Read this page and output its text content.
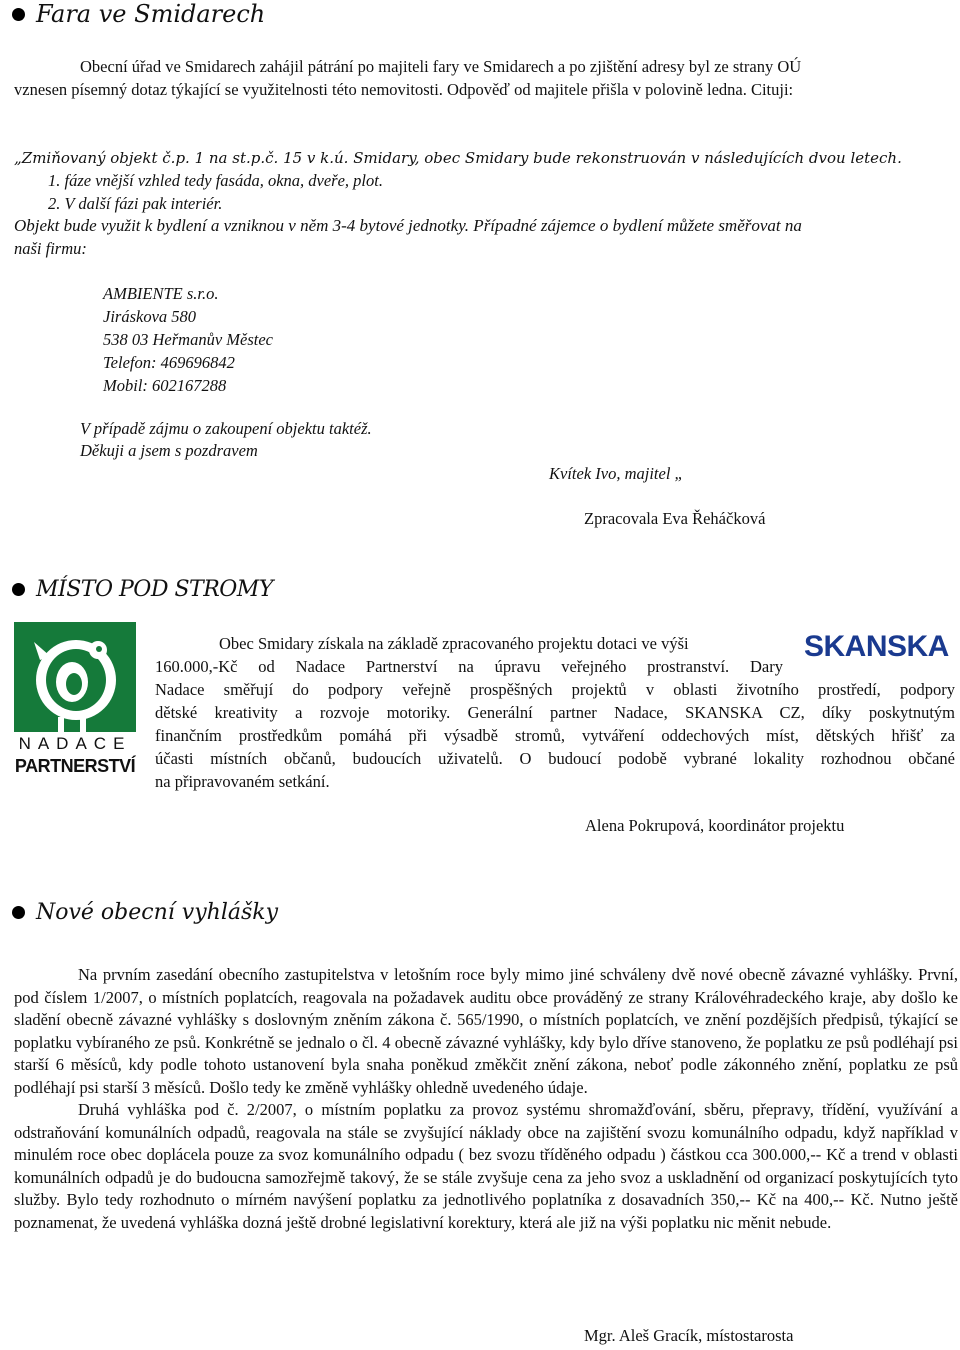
Fara ve Smidarech
Obecní úřad ve Smidarech zahájil pátrání po majiteli fary ve Smidarech a po zjištění adresy byl ze strany OÚ
vznesen písemný dotaz týkající se využitelnosti této nemovitosti. Odpověď od majitele přišla v polovině ledna. Cituji:
„Zmiňovaný objekt č.p. 1 na st.p.č. 15 v k.ú. Smidary, obec Smidary bude rekonstruován v následujících dvou letech.
1. fáze vnější vzhled tedy fasáda, okna, dveře, plot.
2. V další fázi pak interiér.
Objekt bude využit k bydlení a vzniknou v něm 3-4 bytové jednotky. Případné zájemce o bydlení můžete směřovat na
naši firmu:
AMBIENTE s.r.o.
Jiráskova 580
538 03 Heřmanův Městec
Telefon: 469696842
Mobil: 602167288
V případě zájmu o zakoupení objektu taktéž.
Děkuji a jsem s pozdravem
Kvítek Ivo, majitel „
Zpracovala Eva Řeháčková
MÍSTO POD STROMY
NADACE
PARTNERSTVÍ
SKANSKA
Obec Smidary získala na základě zpracovaného projektu dotaci ve výši
160.000,-Kč od Nadace Partnerství na úpravu veřejného prostranství. Dary
Nadace směřují do podpory veřejně prospěšných projektů v oblasti životního prostředí, podpory
dětské kreativity a rozvoje motoriky. Generální partner Nadace, SKANSKA CZ, díky poskytnutým
finančním prostředkům pomáhá při výsadbě stromů, vytváření oddechových míst, dětských hřišť za
účasti místních občanů, budoucích uživatelů. O budoucí podobě vybrané lokality rozhodnou občané
na připravovaném setkání.
Alena Pokrupová, koordinátor projektu
Nové obecní vyhlášky

Na prvním zasedání obecního zastupitelstva v letošním roce byly mimo jiné schváleny dvě nové obecně závazné vyhlášky. První, pod číslem 1/2007, o místních poplatcích, reagovala na požadavek auditu obce prováděný ze strany Královéhradeckého kraje, aby došlo ke sladění obecně závazné vyhlášky s doslovným zněním zákona č. 565/1990, o místních poplatcích, ve znění pozdějších předpisů, týkající se poplatku vybíraného ze psů. Konkrétně se jednalo o čl. 4 obecně závazné vyhlášky, kdy bylo dříve stanoveno, že poplatku ze psů podléhají psi starší 6 měsíců, kdy podle tohoto ustanovení byla snaha poněkud změkčit znění zákona, neboť podle zákonného znění, poplatku ze psů podléhají psi starší 3 měsíců. Došlo tedy ke změně vyhlášky ohledně uvedeného údaje.

Druhá vyhláška pod č. 2/2007, o místním poplatku za provoz systému shromažďování, sběru, přepravy, třídění, využívání a odstraňování komunálních odpadů, reagovala na stále se zvyšující náklady obce na zajištění svozu komunálního odpadu, když například v minulém roce obec doplácela pouze za svoz komunálního odpadu ( bez svozu tříděného odpadu ) částkou cca 300.000,-- Kč a trend v oblasti komunálních odpadů je do budoucna samozřejmě takový, že se stále zvyšuje cena za jeho svoz a uskladnění od organizací poskytujících tyto služby. Bylo tedy rozhodnuto o mírném navýšení poplatku za jednotlivého poplatníka z dosavadních 350,-- Kč na 400,-- Kč. Nutno ještě poznamenat, že uvedená vyhláška dozná ještě drobné legislativní korektury, která ale již na výši poplatku nic měnit nebude.

Mgr. Aleš Gracík, místostarosta
